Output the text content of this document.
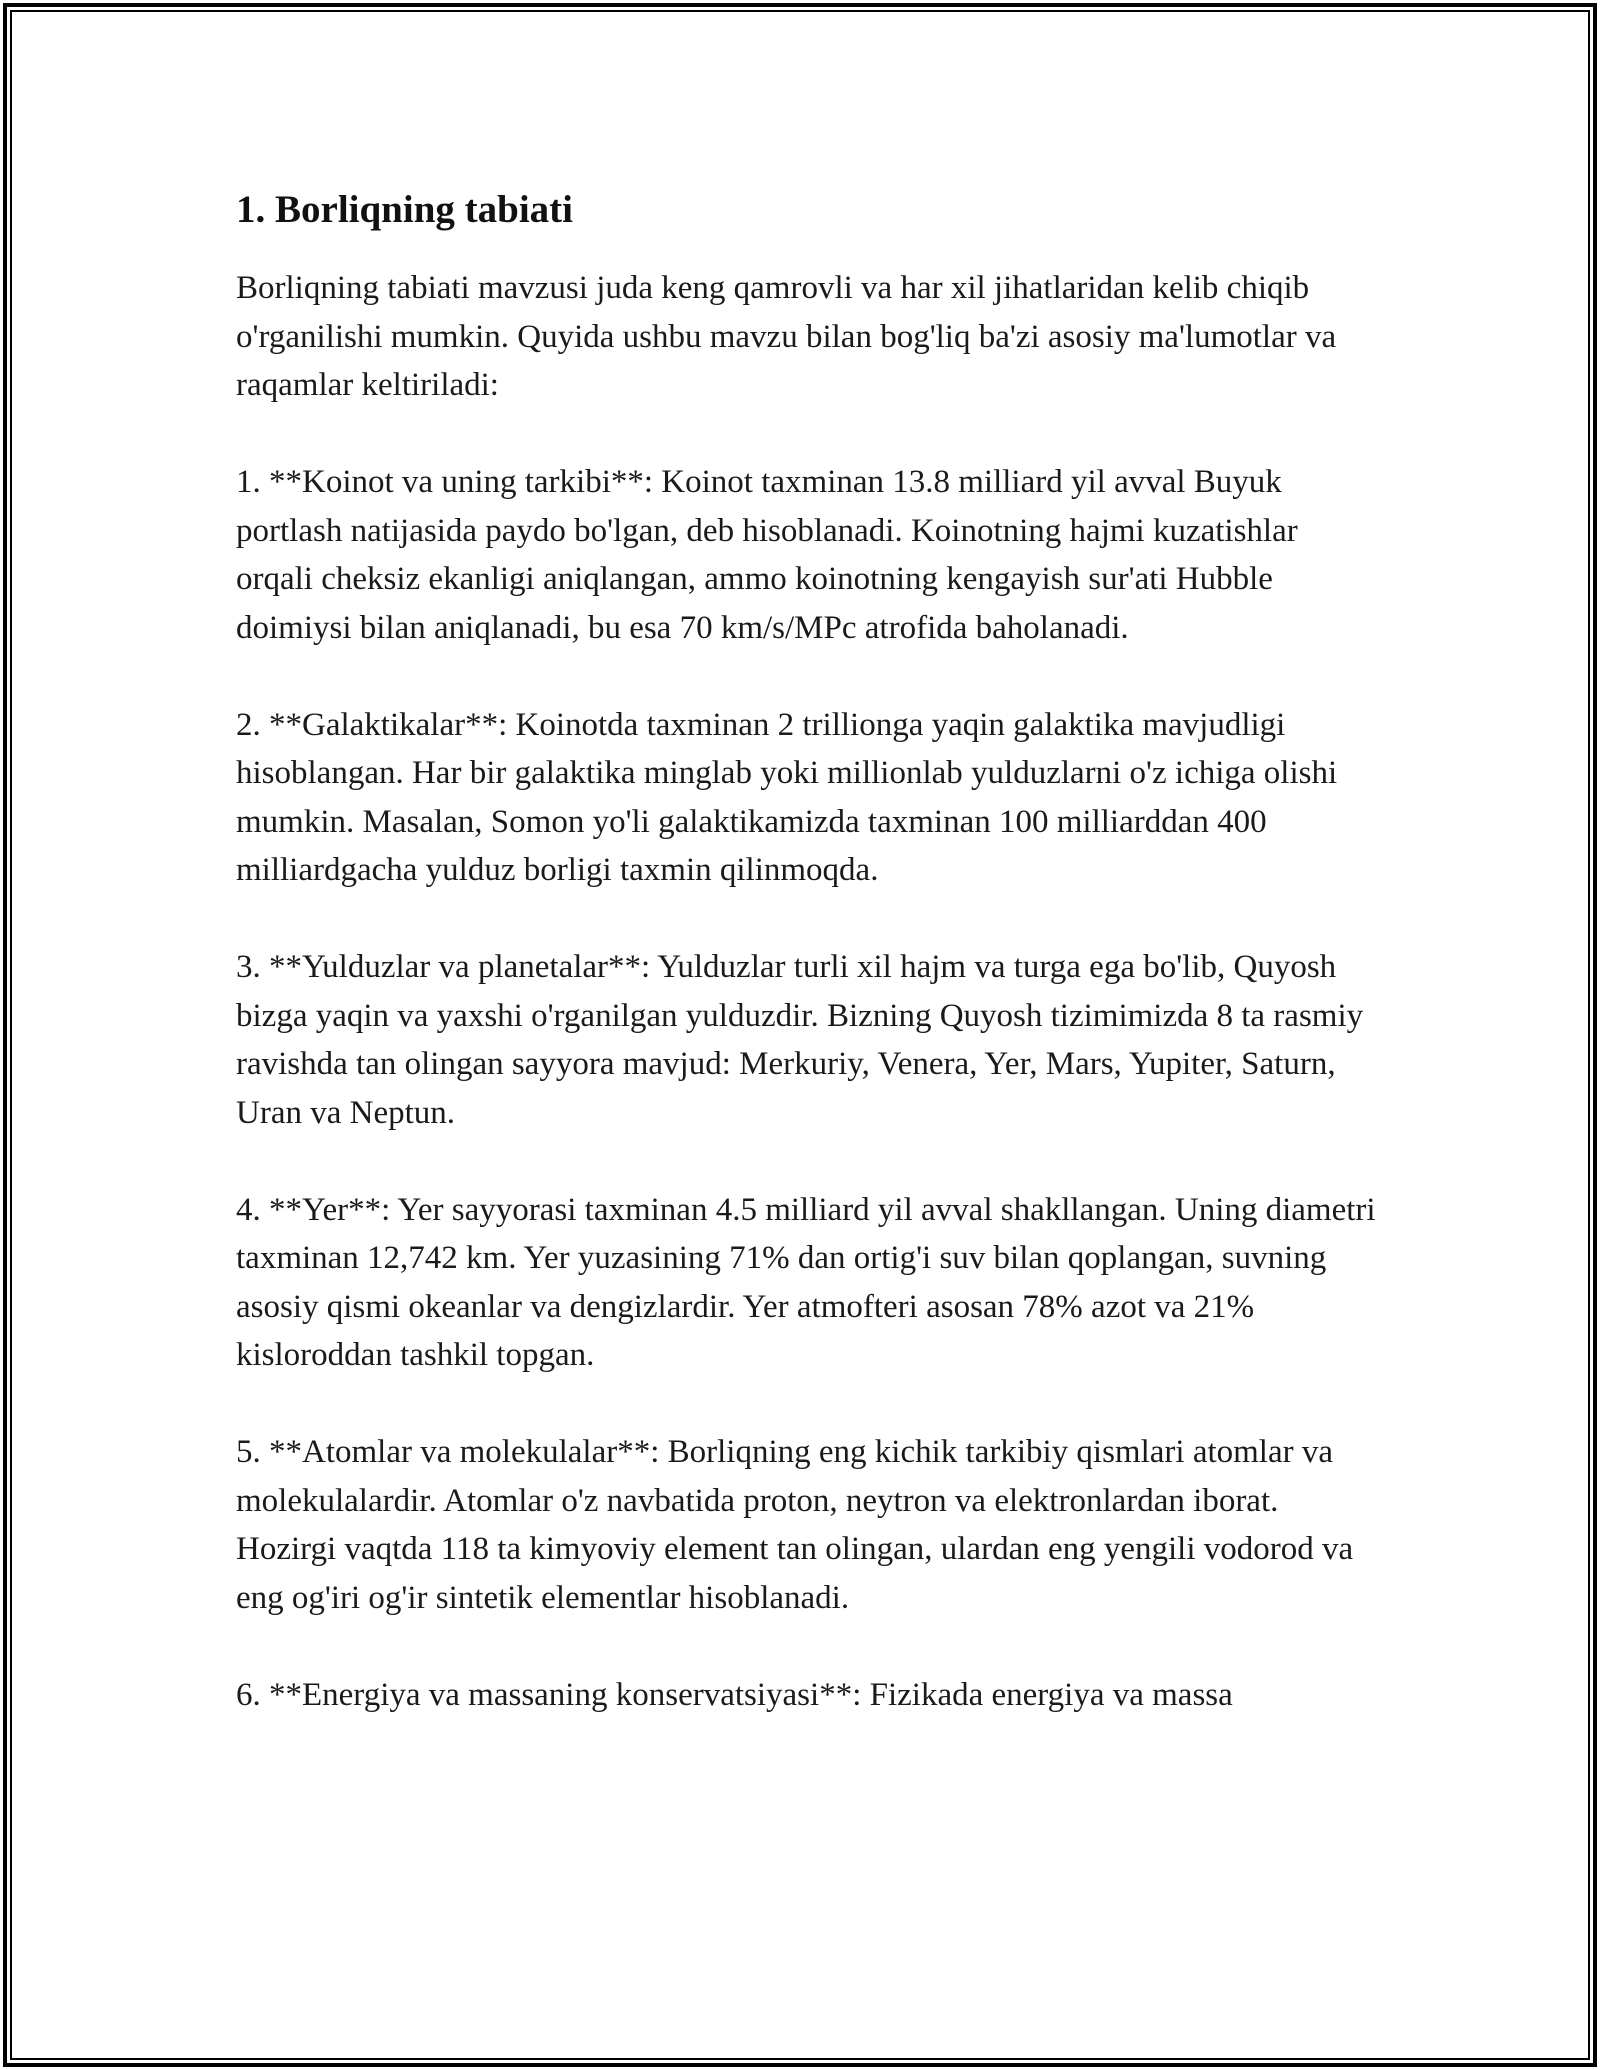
1. Borliqning tabiati

Borliqning tabiati mavzusi juda keng qamrovli va har xil jihatlaridan kelib chiqib o'rganilishi mumkin. Quyida ushbu mavzu bilan bog'liq ba'zi asosiy ma'lumotlar va raqamlar keltiriladi:

1. **Koinot va uning tarkibi**: Koinot taxminan 13.8 milliard yil avval Buyuk portlash natijasida paydo bo'lgan, deb hisoblanadi. Koinotning hajmi kuzatishlar orqali cheksiz ekanligi aniqlangan, ammo koinotning kengayish sur'ati Hubble doimiysi bilan aniqlanadi, bu esa 70 km/s/MPc atrofida baholanadi.

2. **Galaktikalar**: Koinotda taxminan 2 trillionga yaqin galaktika mavjudligi hisoblangan. Har bir galaktika minglab yoki millionlab yulduzlarni o'z ichiga olishi mumkin. Masalan, Somon yo'li galaktikamizda taxminan 100 milliarddan 400 milliardgacha yulduz borligi taxmin qilinmoqda.

3. **Yulduzlar va planetalar**: Yulduzlar turli xil hajm va turga ega bo'lib, Quyosh bizga yaqin va yaxshi o'rganilgan yulduzdir. Bizning Quyosh tizimimizda 8 ta rasmiy ravishda tan olingan sayyora mavjud: Merkuriy, Venera, Yer, Mars, Yupiter, Saturn, Uran va Neptun.

4. **Yer**: Yer sayyorasi taxminan 4.5 milliard yil avval shakllangan. Uning diametri taxminan 12,742 km. Yer yuzasining 71% dan ortig'i suv bilan qoplangan, suvning asosiy qismi okeanlar va dengizlardir. Yer atmofteri asosan 78% azot va 21% kisloroddan tashkil topgan.

5. **Atomlar va molekulalar**: Borliqning eng kichik tarkibiy qismlari atomlar va molekulalardir. Atomlar o'z navbatida proton, neytron va elektronlardan iborat. Hozirgi vaqtda 118 ta kimyoviy element tan olingan, ulardan eng yengili vodorod va eng og'iri og'ir sintetik elementlar hisoblanadi.

6. **Energiya va massaning konservatsiyasi**: Fizikada energiya va massa
